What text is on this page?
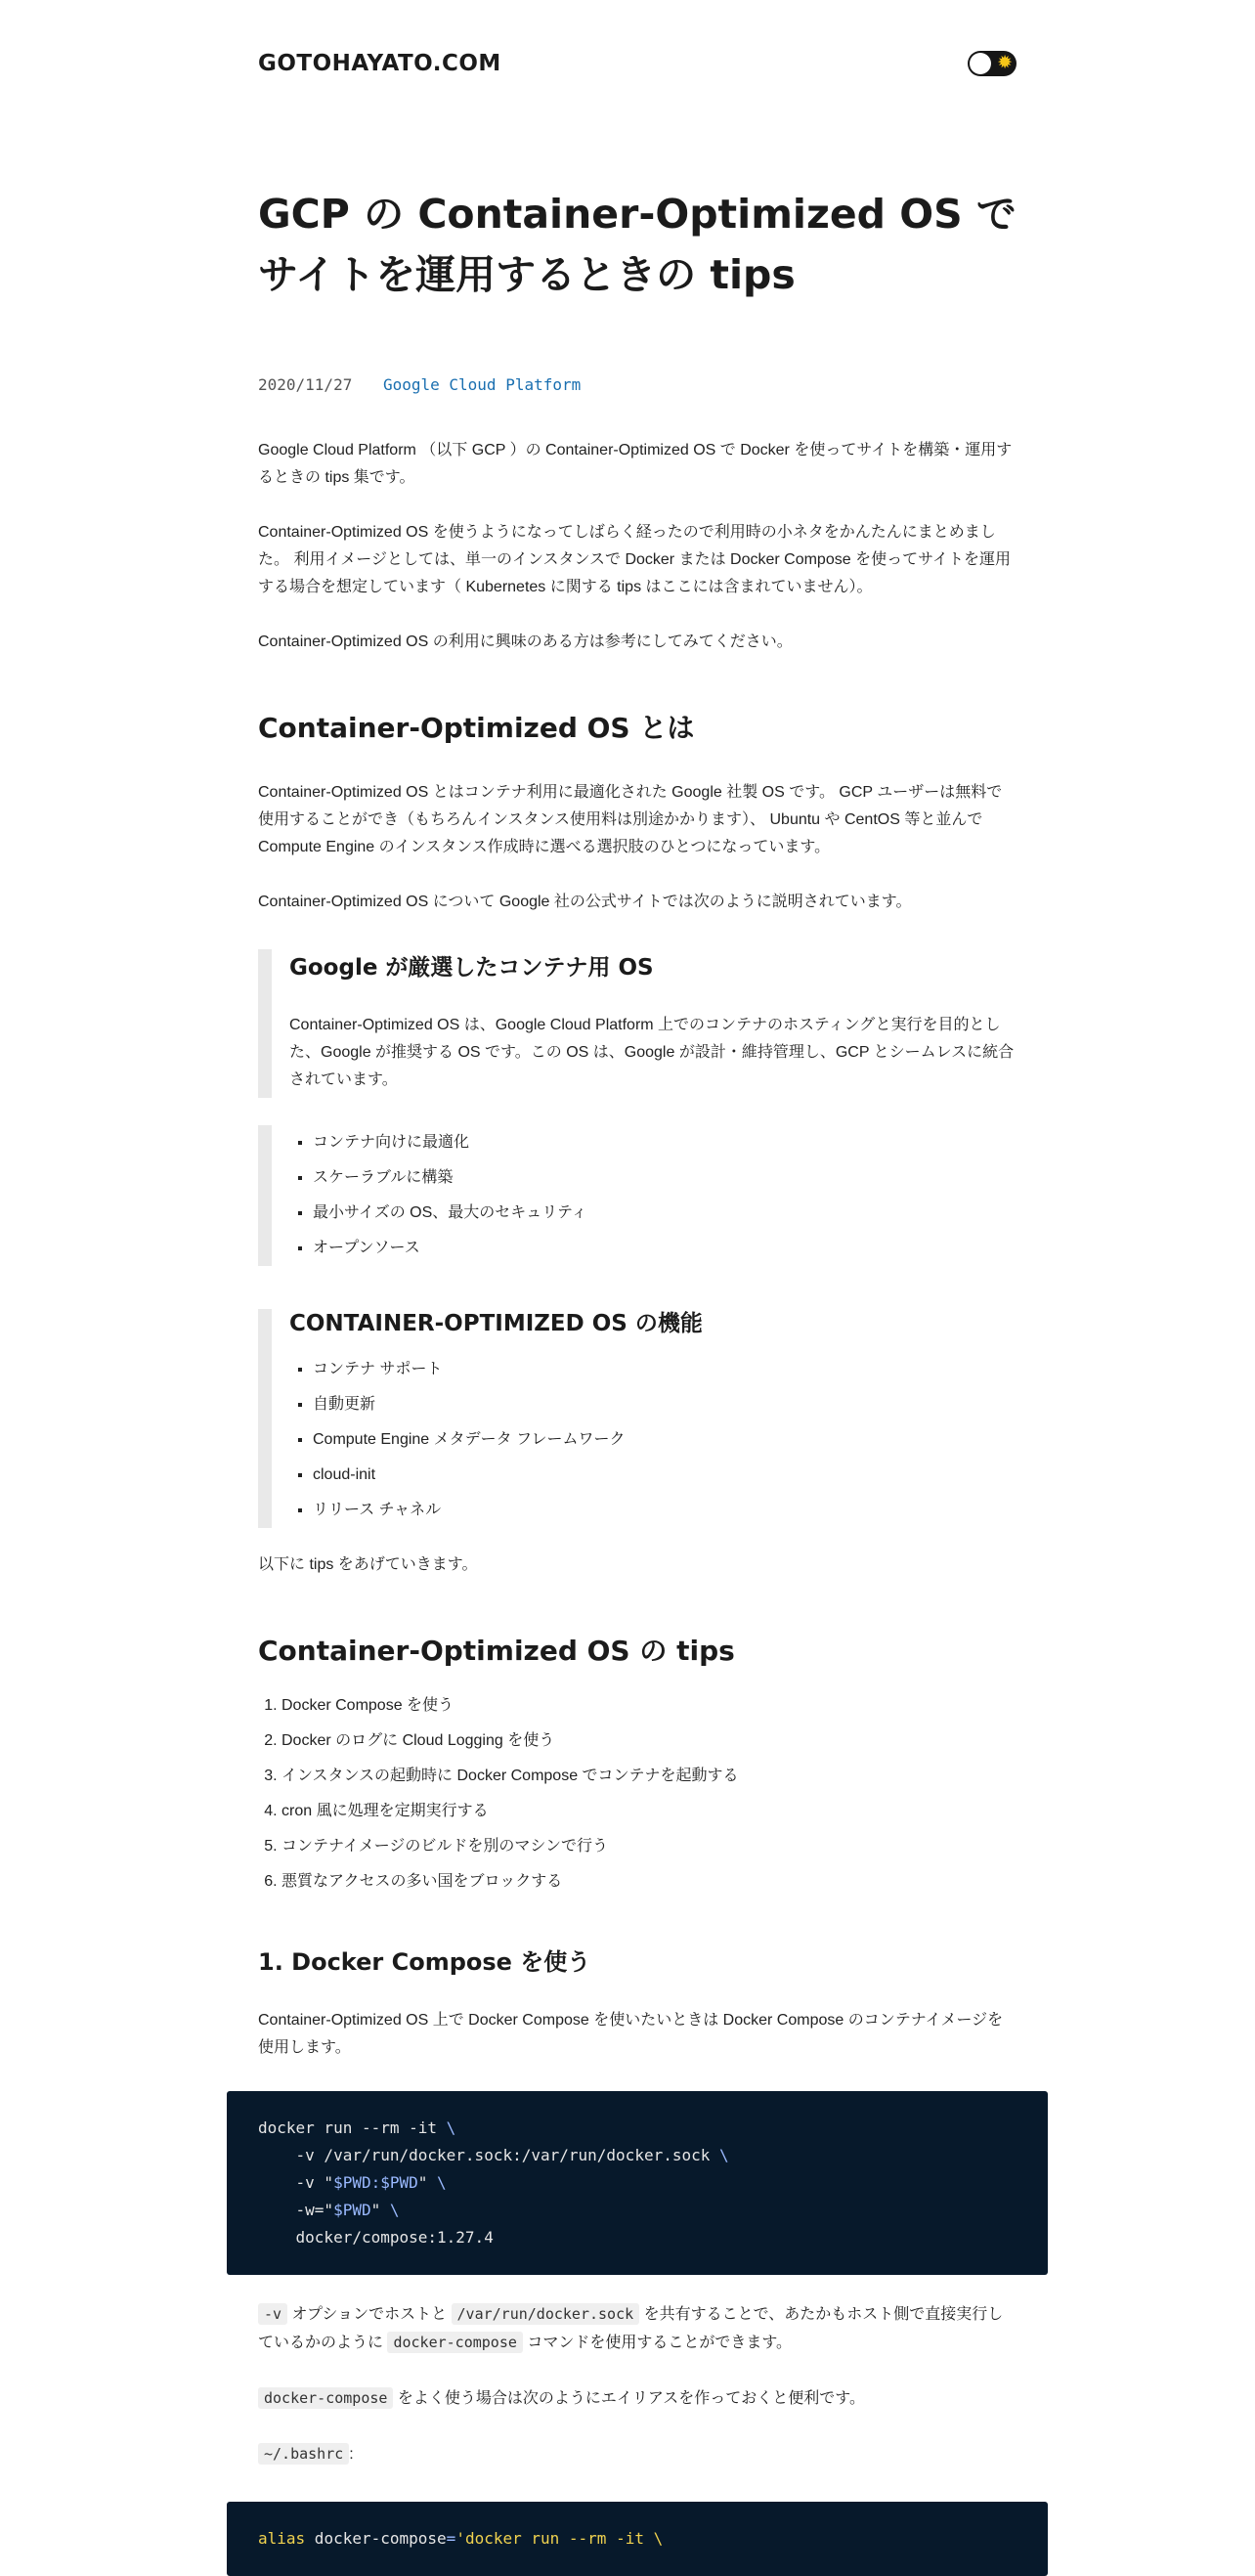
GOTOHAYATO.COM	✹
GCP の Container-Optimized OS でサイトを運用するときの tips
2020/11/27 Google Cloud Platform

Google Cloud Platform （以下 GCP ）の Container-Optimized OS で Docker を使ってサイトを構築・運用するときの tips 集です。

Container-Optimized OS を使うようになってしばらく経ったので利用時の小ネタをかんたんにまとめました。 利用イメージとしては、単一のインスタンスで Docker または Docker Compose を使ってサイトを運用する場合を想定しています（ Kubernetes に関する tips はここには含まれていません）。

Container-Optimized OS の利用に興味のある方は参考にしてみてください。

Container-Optimized OS とは

Container-Optimized OS とはコンテナ利用に最適化された Google 社製 OS です。 GCP ユーザーは無料で使用することができ（もちろんインスタンス使用料は別途かかります）、 Ubuntu や CentOS 等と並んで Compute Engine のインスタンス作成時に選べる選択肢のひとつになっています。

Container-Optimized OS について Google 社の公式サイトでは次のように説明されています。

Google が厳選したコンテナ用 OS

Container-Optimized OS は、Google Cloud Platform 上でのコンテナのホスティングと実行を目的とした、Google が推奨する OS です。この OS は、Google が設計・維持管理し、GCP とシームレスに統合されています。

▪ コンテナ向けに最適化
▪ スケーラブルに構築
▪ 最小サイズの OS、最大のセキュリティ
▪ オープンソース
CONTAINER-OPTIMIZED OS の機能
▪ コンテナ サポート
▪ 自動更新
▪ Compute Engine メタデータ フレームワーク
▪ cloud-init
▪ リリース チャネル

以下に tips をあげていきます。

Container-Optimized OS の tips
1. Docker Compose を使う
2. Docker のログに Cloud Logging を使う
3. インスタンスの起動時に Docker Compose でコンテナを起動する
4. cron 風に処理を定期実行する
5. コンテナイメージのビルドを別のマシンで行う
6. 悪質なアクセスの多い国をブロックする
1. Docker Compose を使う

Container-Optimized OS 上で Docker Compose を使いたいときは Docker Compose のコンテナイメージを使用します。

docker run --rm -it \
-v /var/run/docker.sock:/var/run/docker.sock \
-v "$PWD:$PWD" \
-w="$PWD" \
docker/compose:1.27.4

-v オプションでホストと /var/run/docker.sock を共有することで、あたかもホスト側で直接実行しているかのように docker-compose コマンドを使用することができます。

docker-compose をよく使う場合は次のようにエイリアスを作っておくと便利です。

~/.bashrc :

alias docker-compose='docker run --rm -it \
